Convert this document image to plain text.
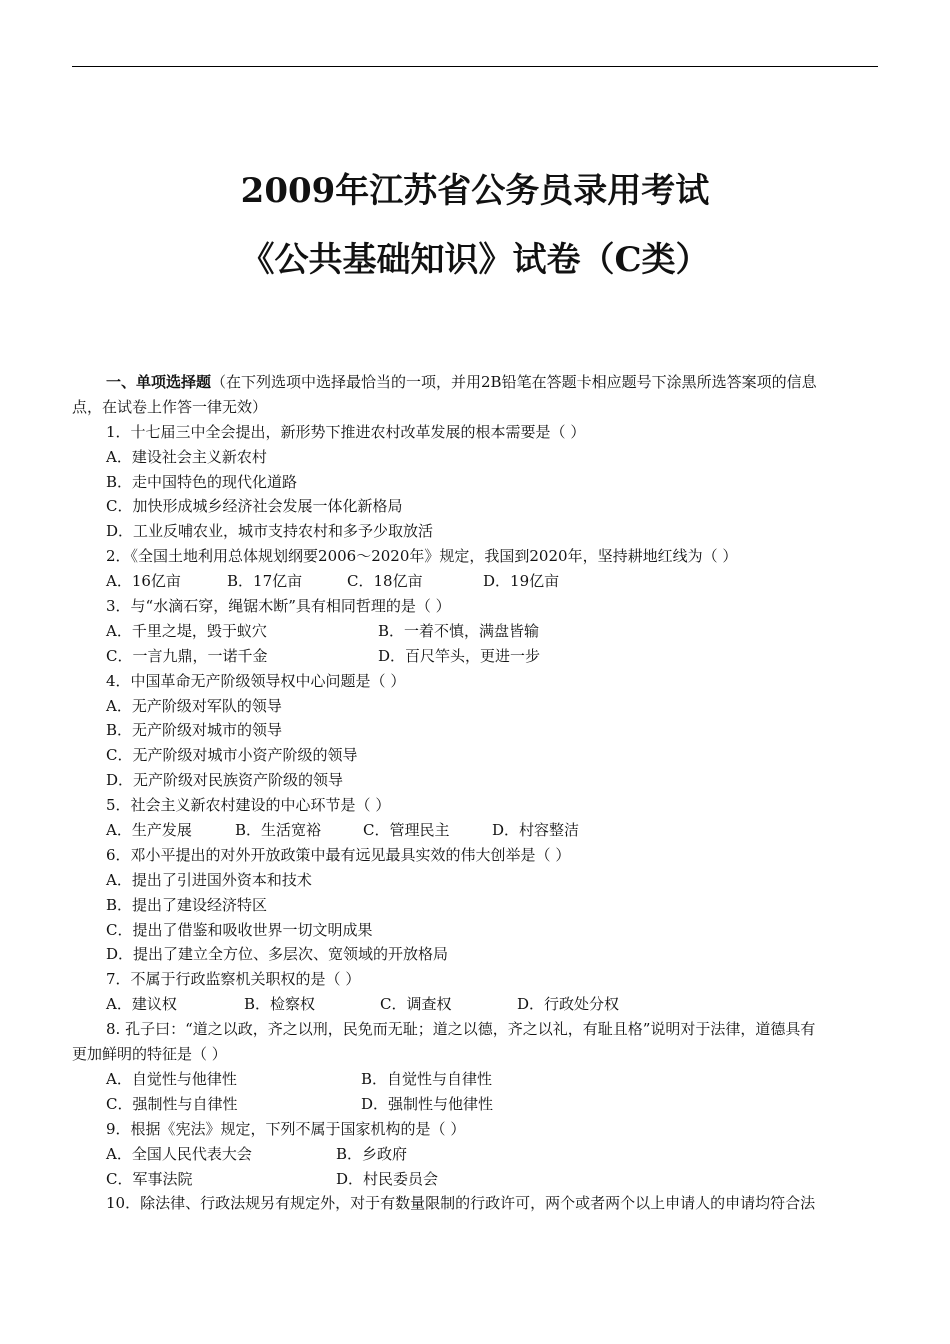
2009年江苏省公务员录用考试
《公共基础知识》试卷（C类）
一、单项选择题（在下列选项中选择最恰当的一项，并用2B铅笔在答题卡相应题号下涂黑所选答案项的信息
点，在试卷上作答一律无效）
1．十七届三中全会提出，新形势下推进农村改革发展的根本需要是（ ）
A．建设社会主义新农村
B．走中国特色的现代化道路
C．加快形成城乡经济社会发展一体化新格局
D．工业反哺农业，城市支持农村和多予少取放活
2．《全国土地利用总体规划纲要2006～2020年》规定，我国到2020年，坚持耕地红线为（ ）
A．16亿亩	B．17亿亩	C．18亿亩	D．19亿亩
3．与“水滴石穿，绳锯木断”具有相同哲理的是（ ）
A．千里之堤，毁于蚁穴	B．一着不慎，满盘皆输
C．一言九鼎，一诺千金	D．百尺竿头，更进一步
4．中国革命无产阶级领导权中心问题是（ ）
A．无产阶级对军队的领导
B．无产阶级对城市的领导
C．无产阶级对城市小资产阶级的领导
D．无产阶级对民族资产阶级的领导
5．社会主义新农村建设的中心环节是（ ）
A．生产发展	B．生活宽裕	C．管理民主	D．村容整洁
6．邓小平提出的对外开放政策中最有远见最具实效的伟大创举是（ ）
A．提出了引进国外资本和技术
B．提出了建设经济特区
C．提出了借鉴和吸收世界一切文明成果
D．提出了建立全方位、多层次、宽领域的开放格局
7．不属于行政监察机关职权的是（ ）
A．建议权	B．检察权	C．调查权	D．行政处分权
8. 孔子曰：“道之以政，齐之以刑，民免而无耻；道之以德，齐之以礼，有耻且格”说明对于法律，道德具有
更加鲜明的特征是（ ）
A．自觉性与他律性	B．自觉性与自律性
C．强制性与自律性	D．强制性与他律性
9．根据《宪法》规定，下列不属于国家机构的是（ ）
A．全国人民代表大会	B．乡政府
C．军事法院	D．村民委员会
10．除法律、行政法规另有规定外，对于有数量限制的行政许可，两个或者两个以上申请人的申请均符合法
